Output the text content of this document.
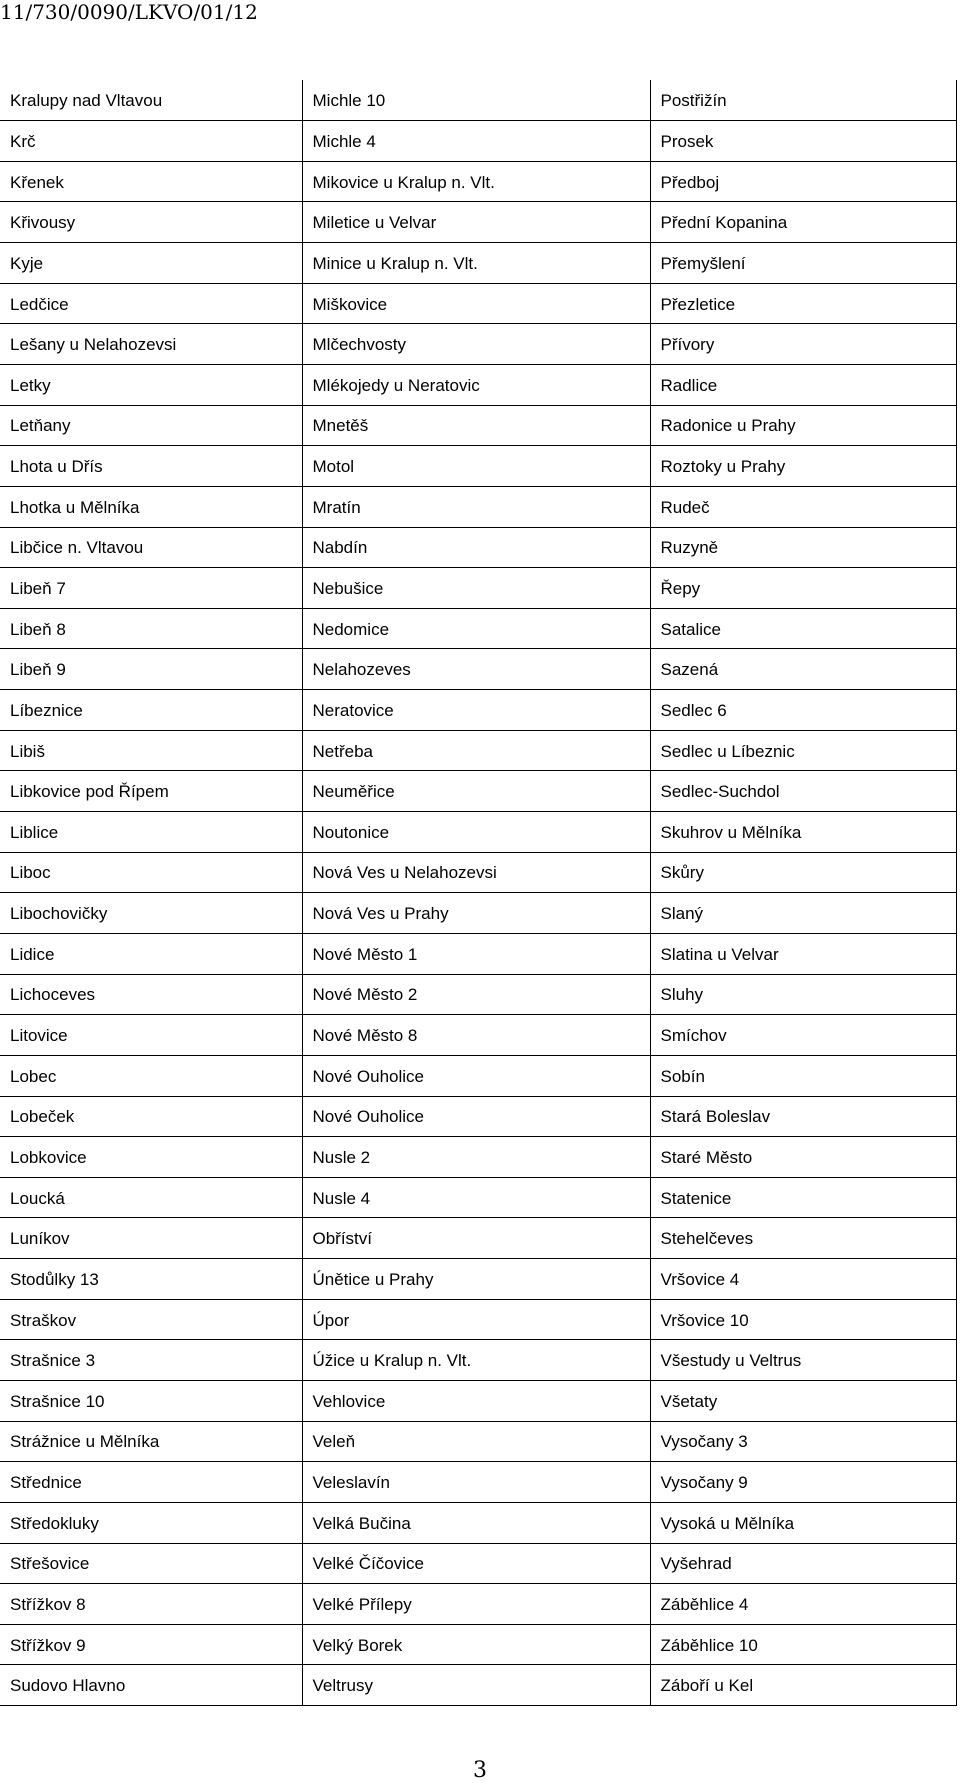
11/730/0090/LKVO/01/12
Kralupy nad Vltavou	Michle 10	Postřižín
Krč	Michle 4	Prosek
Křenek	Mikovice u Kralup n. Vlt.	Předboj
Křivousy	Miletice u Velvar	Přední Kopanina
Kyje	Minice u Kralup n. Vlt.	Přemyšlení
Ledčice	Miškovice	Přezletice
Lešany u Nelahozevsi	Mlčechvosty	Přívory
Letky	Mlékojedy u Neratovic	Radlice
Letňany	Mnetěš	Radonice u Prahy
Lhota u Dřís	Motol	Roztoky u Prahy
Lhotka u Mělníka	Mratín	Rudeč
Libčice n. Vltavou	Nabdín	Ruzyně
Libeň 7	Nebušice	Řepy
Libeň 8	Nedomice	Satalice
Libeň 9	Nelahozeves	Sazená
Líbeznice	Neratovice	Sedlec 6
Libiš	Netřeba	Sedlec u Líbeznic
Libkovice pod Řípem	Neuměřice	Sedlec-Suchdol
Liblice	Noutonice	Skuhrov u Mělníka
Liboc	Nová Ves u Nelahozevsi	Skůry
Libochovičky	Nová Ves u Prahy	Slaný
Lidice	Nové Město 1	Slatina u Velvar
Lichoceves	Nové Město 2	Sluhy
Litovice	Nové Město 8	Smíchov
Lobec	Nové Ouholice	Sobín
Lobeček	Nové Ouholice	Stará Boleslav
Lobkovice	Nusle 2	Staré Město
Loucká	Nusle 4	Statenice
Luníkov	Obříství	Stehelčeves
Stodůlky 13	Únětice u Prahy	Vršovice 4
Straškov	Úpor	Vršovice 10
Strašnice 3	Úžice u Kralup n. Vlt.	Všestudy u Veltrus
Strašnice 10	Vehlovice	Všetaty
Strážnice u Mělníka	Veleň	Vysočany 3
Střednice	Veleslavín	Vysočany 9
Středokluky	Velká Bučina	Vysoká u Mělníka
Střešovice	Velké Číčovice	Vyšehrad
Střížkov 8	Velké Přílepy	Záběhlice 4
Střížkov 9	Velký Borek	Záběhlice 10
Sudovo Hlavno	Veltrusy	Záboří u Kel
3
